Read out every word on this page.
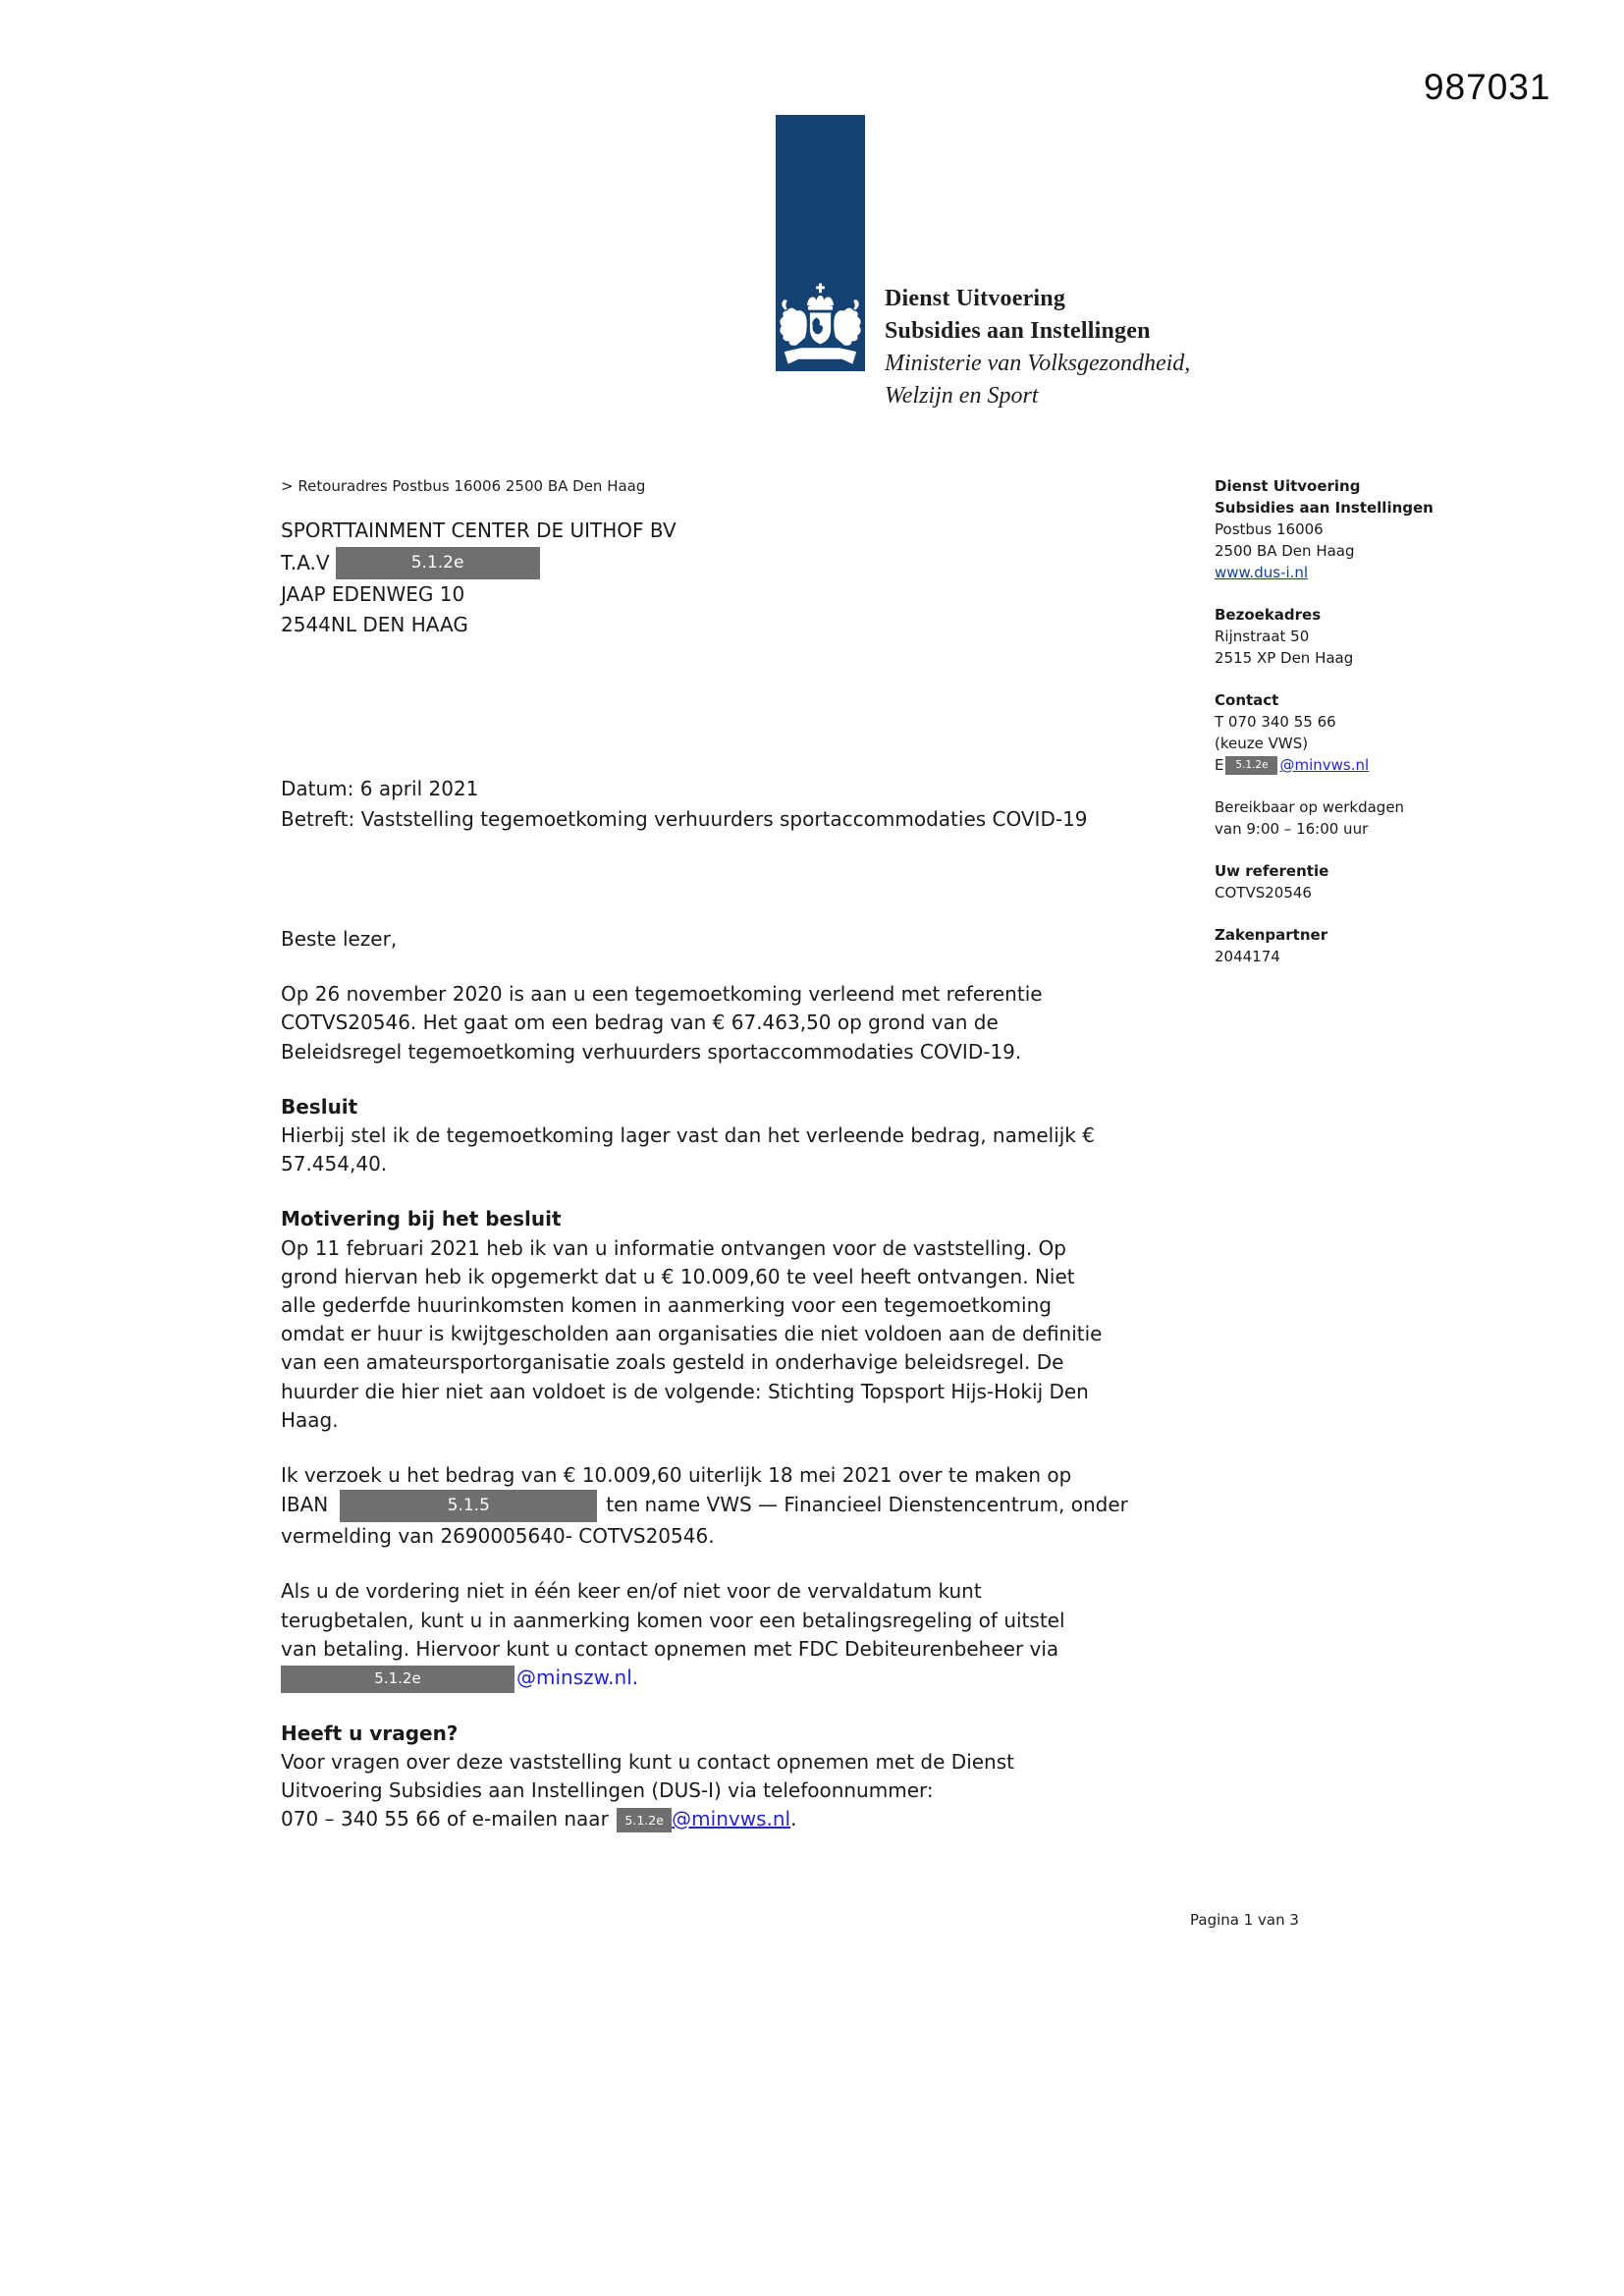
987031
Dienst Uitvoering
Subsidies aan Instellingen
Ministerie van Volksgezondheid,
Welzijn en Sport
> Retouradres Postbus 16006 2500 BA Den Haag
SPORTTAINMENT CENTER DE UITHOF BV
T.A.V	5.1.2e
JAAP EDENWEG 10
2544NL DEN HAAG
Datum: 6 april 2021
Betreft: Vaststelling tegemoetkoming verhuurders sportaccommodaties COVID-19
Beste lezer,
Op 26 november 2020 is aan u een tegemoetkoming verleend met referentie
COTVS20546. Het gaat om een bedrag van € 67.463,50 op grond van de
Beleidsregel tegemoetkoming verhuurders sportaccommodaties COVID-19.
Besluit
Hierbij stel ik de tegemoetkoming lager vast dan het verleende bedrag, namelijk €
57.454,40.
Motivering bij het besluit
Op 11 februari 2021 heb ik van u informatie ontvangen voor de vaststelling. Op
grond hiervan heb ik opgemerkt dat u € 10.009,60 te veel heeft ontvangen. Niet
alle gederfde huurinkomsten komen in aanmerking voor een tegemoetkoming
omdat er huur is kwijtgescholden aan organisaties die niet voldoen aan de definitie
van een amateursportorganisatie zoals gesteld in onderhavige beleidsregel. De
huurder die hier niet aan voldoet is de volgende: Stichting Topsport Hijs-Hokij Den
Haag.
Ik verzoek u het bedrag van € 10.009,60 uiterlijk 18 mei 2021 over te maken op
IBAN	5.1.5	ten name VWS — Financieel Dienstencentrum, onder
vermelding van 2690005640- COTVS20546.
Als u de vordering niet in één keer en/of niet voor de vervaldatum kunt
terugbetalen, kunt u in aanmerking komen voor een betalingsregeling of uitstel
van betaling. Hiervoor kunt u contact opnemen met FDC Debiteurenbeheer via
5.1.2e	@minszw.nl.
Heeft u vragen?
Voor vragen over deze vaststelling kunt u contact opnemen met de Dienst
Uitvoering Subsidies aan Instellingen (DUS-I) via telefoonnummer:
070 – 340 55 66 of e-mailen naar 5.1.2e @minvws.nl.
Dienst Uitvoering
Subsidies aan Instellingen
Postbus 16006
2500 BA Den Haag
www.dus-i.nl
Bezoekadres
Rijnstraat 50
2515 XP Den Haag
Contact
T 070 340 55 66
(keuze VWS)
E	5.1.2e @minvws.nl
Bereikbaar op werkdagen
van 9:00 – 16:00 uur
Uw referentie
COTVS20546
Zakenpartner
2044174
Pagina 1 van 3
